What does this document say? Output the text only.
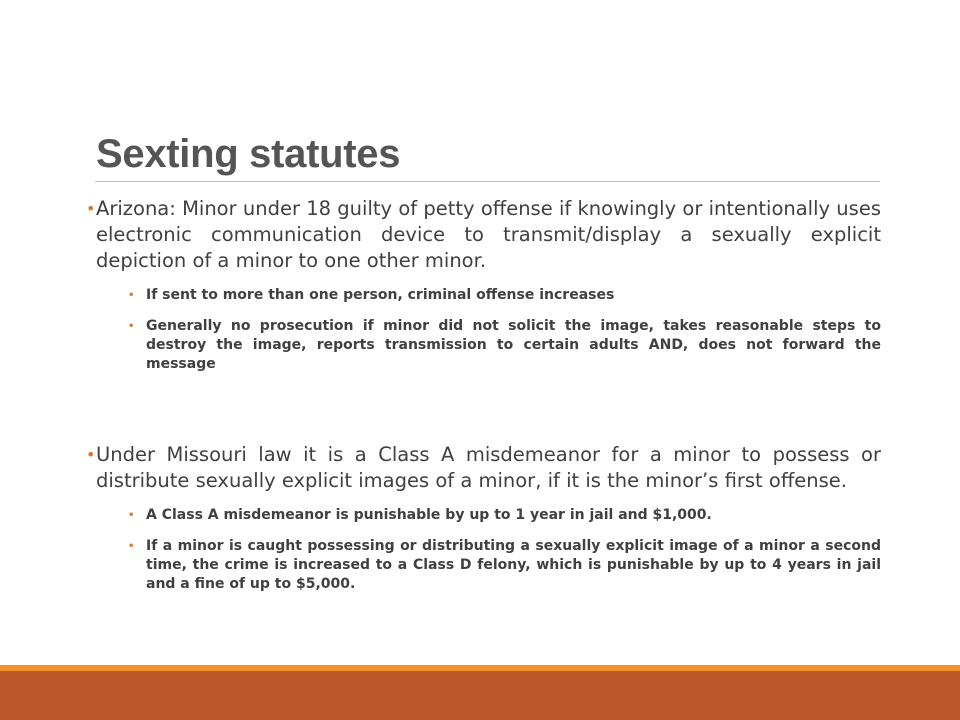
Sexting statutes
• Arizona: Minor under 18 guilty of petty offense if knowingly or intentionally uses electronic communication device to transmit/display a sexually explicit depiction of a minor to one other minor.
• If sent to more than one person, criminal offense increases
• Generally no prosecution if minor did not solicit the image, takes reasonable steps to destroy the image, reports transmission to certain adults AND, does not forward the message
• Under Missouri law it is a Class A misdemeanor for a minor to possess or distribute sexually explicit images of a minor, if it is the minor’s first offense.
• A Class A misdemeanor is punishable by up to 1 year in jail and $1,000.
• If a minor is caught possessing or distributing a sexually explicit image of a minor a second time, the crime is increased to a Class D felony, which is punishable by up to 4 years in jail and a fine of up to $5,000.
